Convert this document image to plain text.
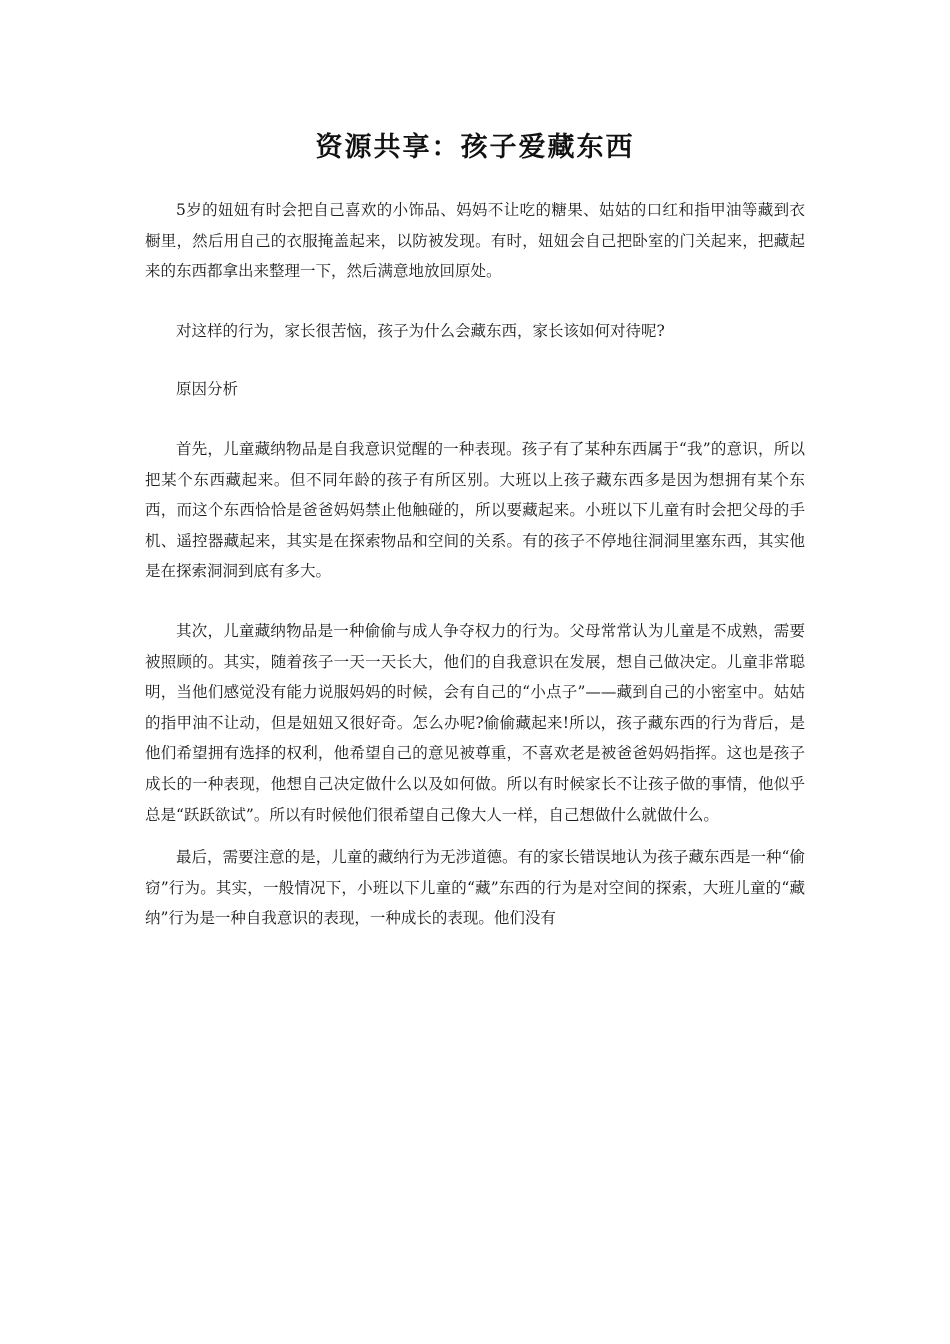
资源共享：孩子爱藏东西

5岁的妞妞有时会把自己喜欢的小饰品、妈妈不让吃的糖果、姑姑的口红和指甲油等藏到衣橱里，然后用自己的衣服掩盖起来，以防被发现。有时，妞妞会自己把卧室的门关起来，把藏起来的东西都拿出来整理一下，然后满意地放回原处。

对这样的行为，家长很苦恼，孩子为什么会藏东西，家长该如何对待呢?

原因分析

首先，儿童藏纳物品是自我意识觉醒的一种表现。孩子有了某种东西属于“我”的意识，所以把某个东西藏起来。但不同年龄的孩子有所区别。大班以上孩子藏东西多是因为想拥有某个东西，而这个东西恰恰是爸爸妈妈禁止他触碰的，所以要藏起来。小班以下儿童有时会把父母的手机、遥控器藏起来，其实是在探索物品和空间的关系。有的孩子不停地往洞洞里塞东西，其实他是在探索洞洞到底有多大。

其次，儿童藏纳物品是一种偷偷与成人争夺权力的行为。父母常常认为儿童是不成熟，需要被照顾的。其实，随着孩子一天一天长大，他们的自我意识在发展，想自己做决定。儿童非常聪明，当他们感觉没有能力说服妈妈的时候，会有自己的“小点子”——藏到自己的小密室中。姑姑的指甲油不让动，但是妞妞又很好奇。怎么办呢?偷偷藏起来!所以，孩子藏东西的行为背后，是他们希望拥有选择的权利，他希望自己的意见被尊重，不喜欢老是被爸爸妈妈指挥。这也是孩子成长的一种表现，他想自己决定做什么以及如何做。所以有时候家长不让孩子做的事情，他似乎总是“跃跃欲试”。所以有时候他们很希望自己像大人一样，自己想做什么就做什么。

最后，需要注意的是，儿童的藏纳行为无涉道德。有的家长错误地认为孩子藏东西是一种“偷窃”行为。其实，一般情况下，小班以下儿童的“藏”东西的行为是对空间的探索，大班儿童的“藏纳”行为是一种自我意识的表现，一种成长的表现。他们没有
